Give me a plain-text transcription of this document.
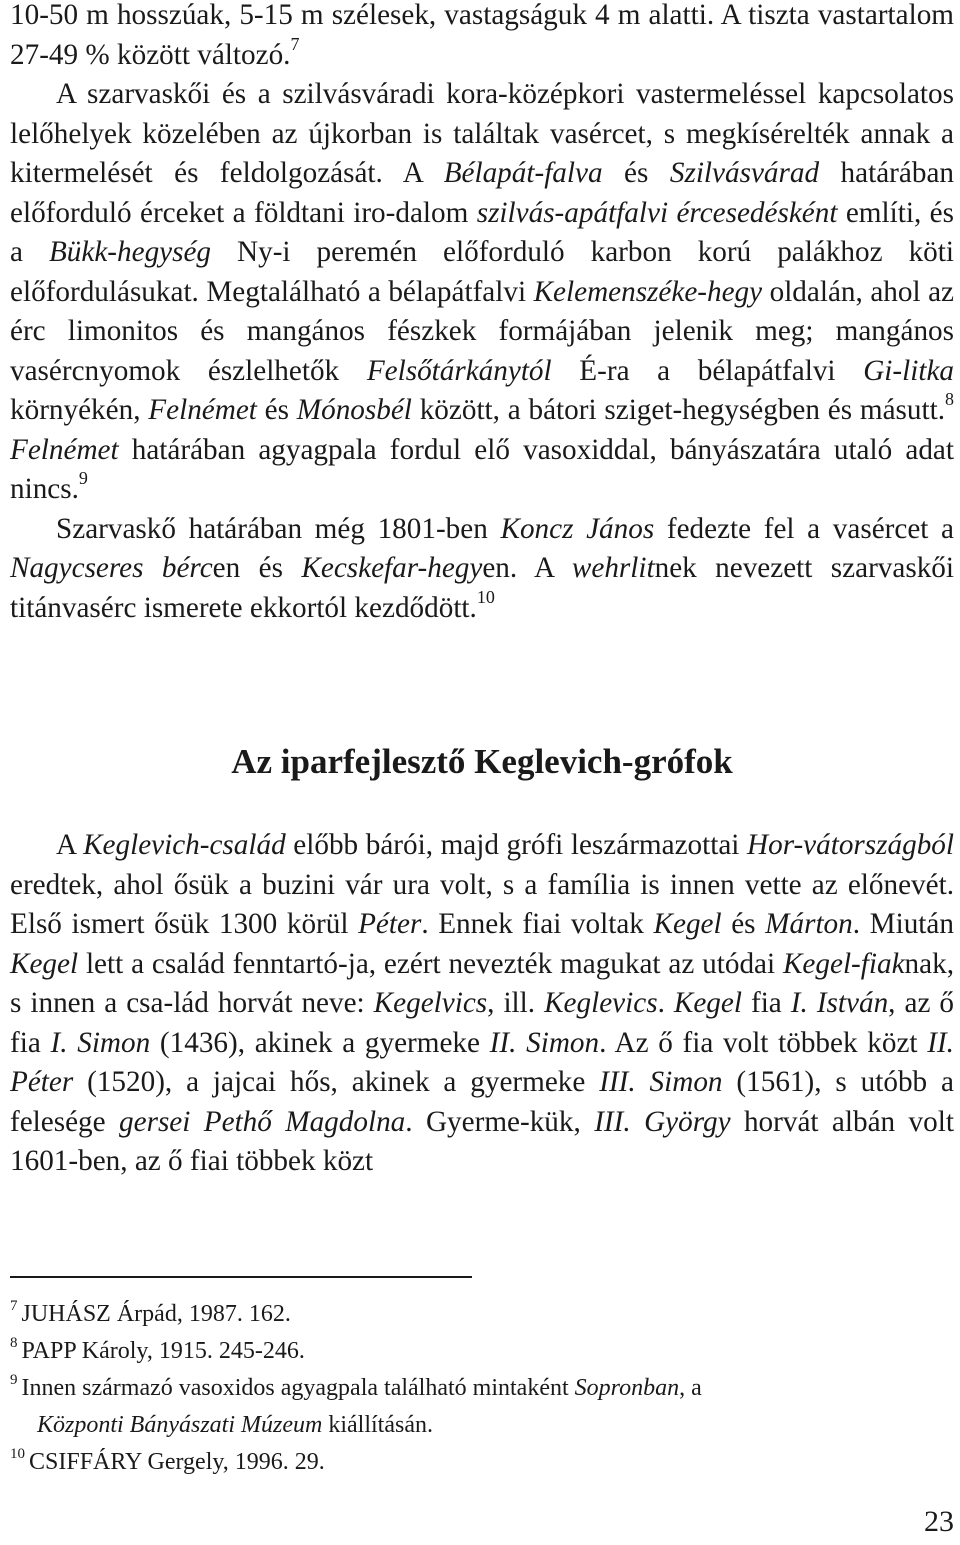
10-50 m hosszúak, 5-15 m szélesek, vastagságuk 4 m alatti. A tiszta vastartalom 27-49 % között változó.$^7$
A szarvaskői és a szilvásváradi kora-középkori vastermeléssel kapcsolatos lelőhelyek közelében az újkorban is találtak vasércet, s megkísérelték annak a kitermelését és feldolgozását. A Bélapát-falva és Szilvásvárad határában előforduló érceket a földtani iro-dalom szilvás-apátfalvi ércesedésként említi, és a Bükk-hegység Ny-i peremén előforduló karbon korú palákhoz köti előfordulásukat. Megtalálható a bélapátfalvi Kelemenszéke-hegy oldalán, ahol az érc limonitos és mangános fészkek formájában jelenik meg; mangános vasércnyomok észlelhetők Felsőtárkánytól É-ra a bélapátfalvi Gi-litka környékén, Felnémet és Mónosbél között, a bátori sziget-hegységben és másutt.$^8$ Felnémet határában agyagpala fordul elő vasoxiddal, bányászatára utaló adat nincs.$^9$
Szarvaskő határában még 1801-ben Koncz János fedezte fel a vasércet a Nagycseres bércen és Kecskefar-hegyen. A wehrlitnek nevezett szarvaskői titánvasérc ismerete ekkortól kezdődött.$^{10}$

Az iparfejlesztő Keglevich-grófok

A Keglevich-család előbb bárói, majd grófi leszármazottai Hor-vátországból eredtek, ahol ősük a buzini vár ura volt, s a família is innen vette az előnevét. Első ismert ősük 1300 körül Péter. Ennek fiai voltak Kegel és Márton. Miután Kegel lett a család fenntartó-ja, ezért nevezték magukat az utódai Kegel-fiaknak, s innen a csa-lád horvát neve: Kegelvics, ill. Keglevics. Kegel fia I. István, az ő fia I. Simon (1436), akinek a gyermeke II. Simon. Az ő fia volt többek közt II. Péter (1520), a jajcai hős, akinek a gyermeke III. Simon (1561), s utóbb a felesége gersei Pethő Magdolna. Gyerme-kük, III. György horvát albán volt 1601-ben, az ő fiai többek közt

$^7$ JUHÁSZ Árpád, 1987. 162.

$^8$ PAPP Károly, 1915. 245-246.

$^9$ Innen származó vasoxidos agyagpala található mintaként Sopronban, a
Központi Bányászati Múzeum kiállításán.

$^{10}$ CSIFFÁRY Gergely, 1996. 29.

23
